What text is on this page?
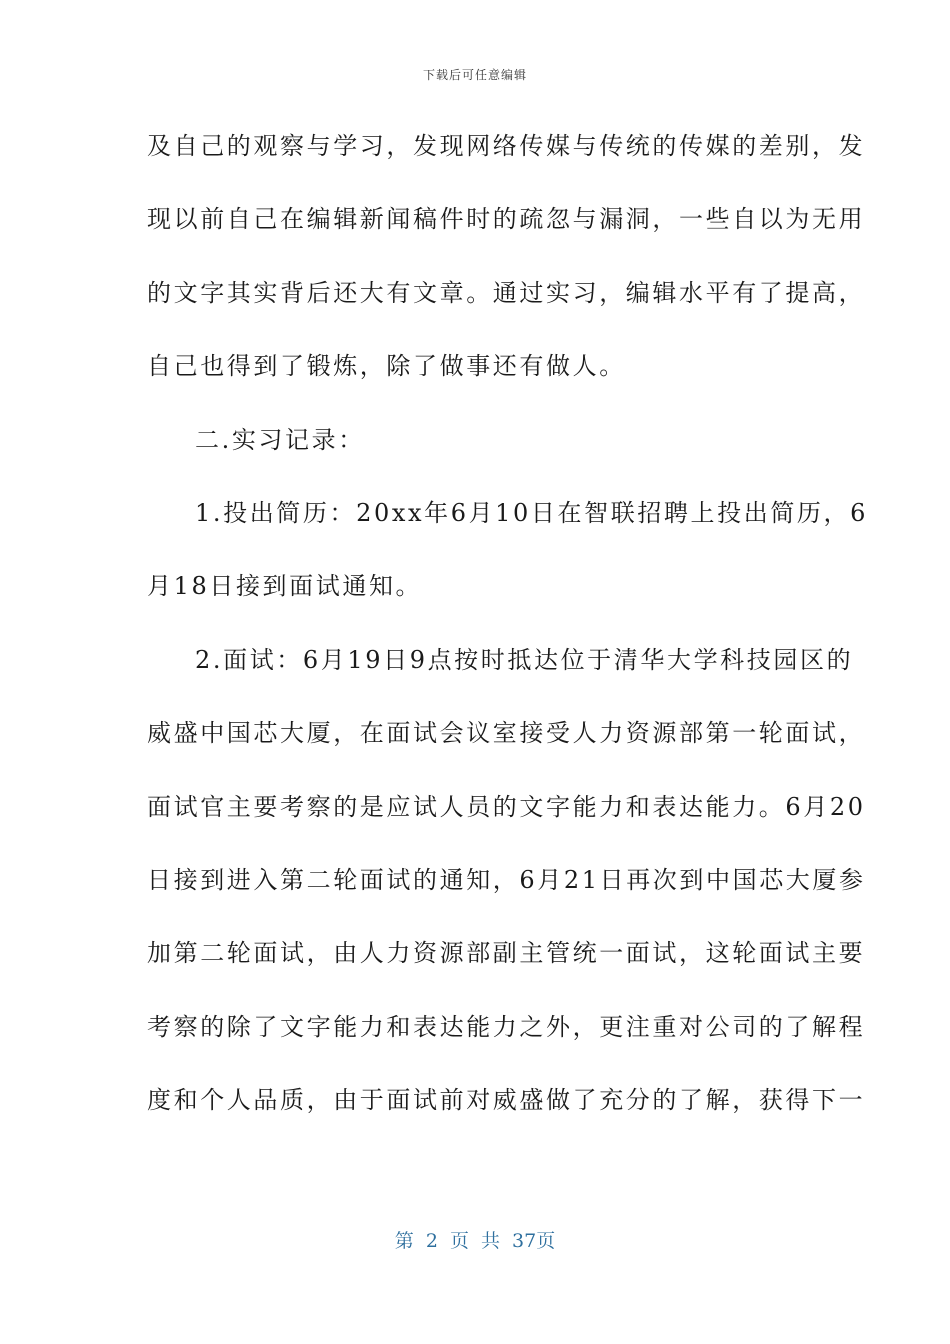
下载后可任意编辑
及自己的观察与学习，发现网络传媒与传统的传媒的差别，发
现以前自己在编辑新闻稿件时的疏忽与漏洞，一些自以为无用
的文字其实背后还大有文章。通过实习，编辑水平有了提高，
自己也得到了锻炼，除了做事还有做人。
二.实习记录：
1.投出简历：20xx年6月10日在智联招聘上投出简历，6
月18日接到面试通知。
2.面试：6月19日9点按时抵达位于清华大学科技园区的
威盛中国芯大厦，在面试会议室接受人力资源部第一轮面试，
面试官主要考察的是应试人员的文字能力和表达能力。6月20
日接到进入第二轮面试的通知，6月21日再次到中国芯大厦参
加第二轮面试，由人力资源部副主管统一面试，这轮面试主要
考察的除了文字能力和表达能力之外，更注重对公司的了解程
度和个人品质，由于面试前对威盛做了充分的了解，获得下一
第 2 页 共 37页
